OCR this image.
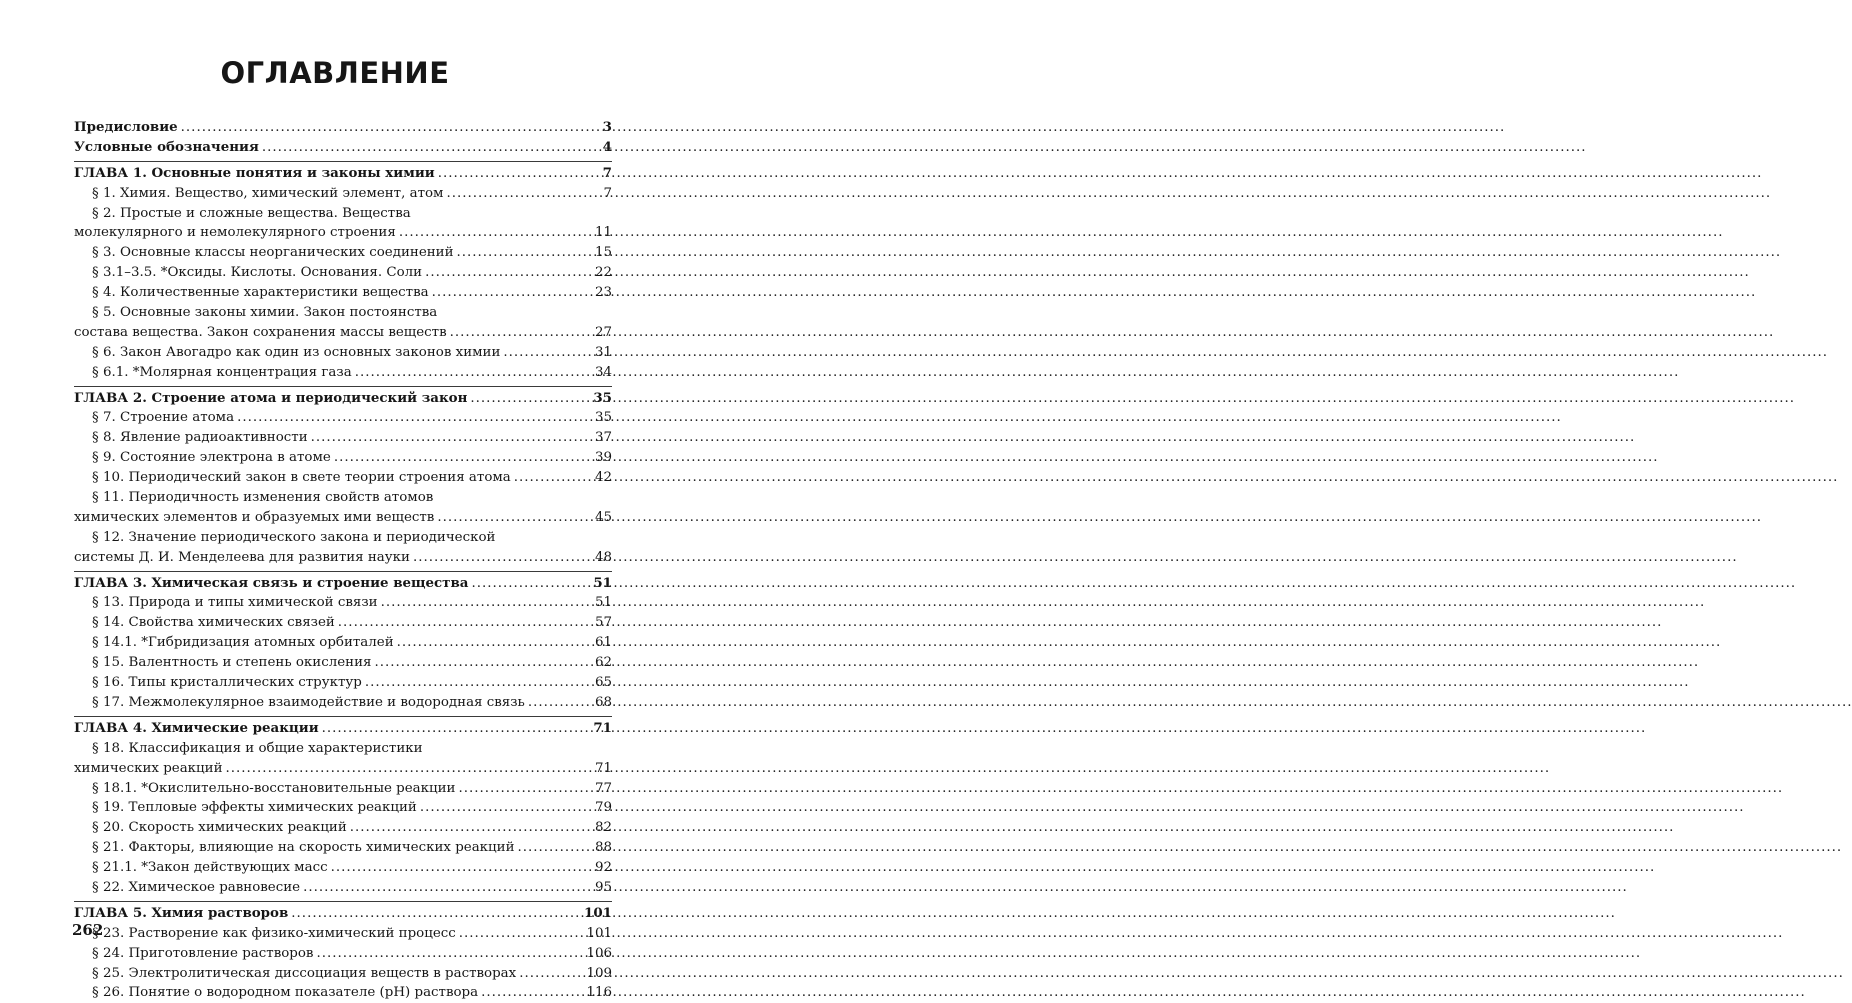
ОГЛАВЛЕНИЕ
Предисловие .....	3
Условные обозначения .....	4
ГЛАВА 1. Основные понятия и законы химии .....	7
§ 1. Химия. Вещество, химический элемент, атом .....	7
§ 2. Простые и сложные вещества. Вещества
молекулярного и немолекулярного строения .....	11
§ 3. Основные классы неорганических соединений .....	15
§ 3.1–3.5. *Оксиды. Кислоты. Основания. Соли .....	22
§ 4. Количественные характеристики вещества .....	23
§ 5. Основные законы химии. Закон постоянства
состава вещества. Закон сохранения массы веществ .....	27
§ 6. Закон Авогадро как один из основных законов химии .....	31
§ 6.1. *Молярная концентрация газа .....	34
ГЛАВА 2. Строение атома и периодический закон .....	35
§ 7. Строение атома .....	35
§ 8. Явление радиоактивности .....	37
§ 9. Состояние электрона в атоме .....	39
§ 10. Периодический закон в свете теории строения атома .....	42
§ 11. Периодичность изменения свойств атомов
химических элементов и образуемых ими веществ .....	45
§ 12. Значение периодического закона и периодической
системы Д. И. Менделеева для развития науки .....	48
ГЛАВА 3. Химическая связь и строение вещества .....	51
§ 13. Природа и типы химической связи .....	51
§ 14. Свойства химических связей .....	57
§ 14.1. *Гибридизация атомных орбиталей .....	61
§ 15. Валентность и степень окисления .....	62
§ 16. Типы кристаллических структур .....	65
§ 17. Межмолекулярное взаимодействие и водородная связь .....	68
ГЛАВА 4. Химические реакции .....	71
§ 18. Классификация и общие характеристики
химических реакций .....	71
§ 18.1. *Окислительно-восстановительные реакции .....	77
§ 19. Тепловые эффекты химических реакций .....	79
§ 20. Скорость химических реакций .....	82
§ 21. Факторы, влияющие на скорость химических реакций .....	88
§ 21.1. *Закон действующих масс .....	92
§ 22. Химическое равновесие .....	95
ГЛАВА 5. Химия растворов .....	101
§ 23. Растворение как физико-химический процесс .....	101
§ 24. Приготовление растворов .....	106
§ 25. Электролитическая диссоциация веществ в растворах .....	109
§ 26. Понятие о водородном показателе (pH) раствора .....	116
262
